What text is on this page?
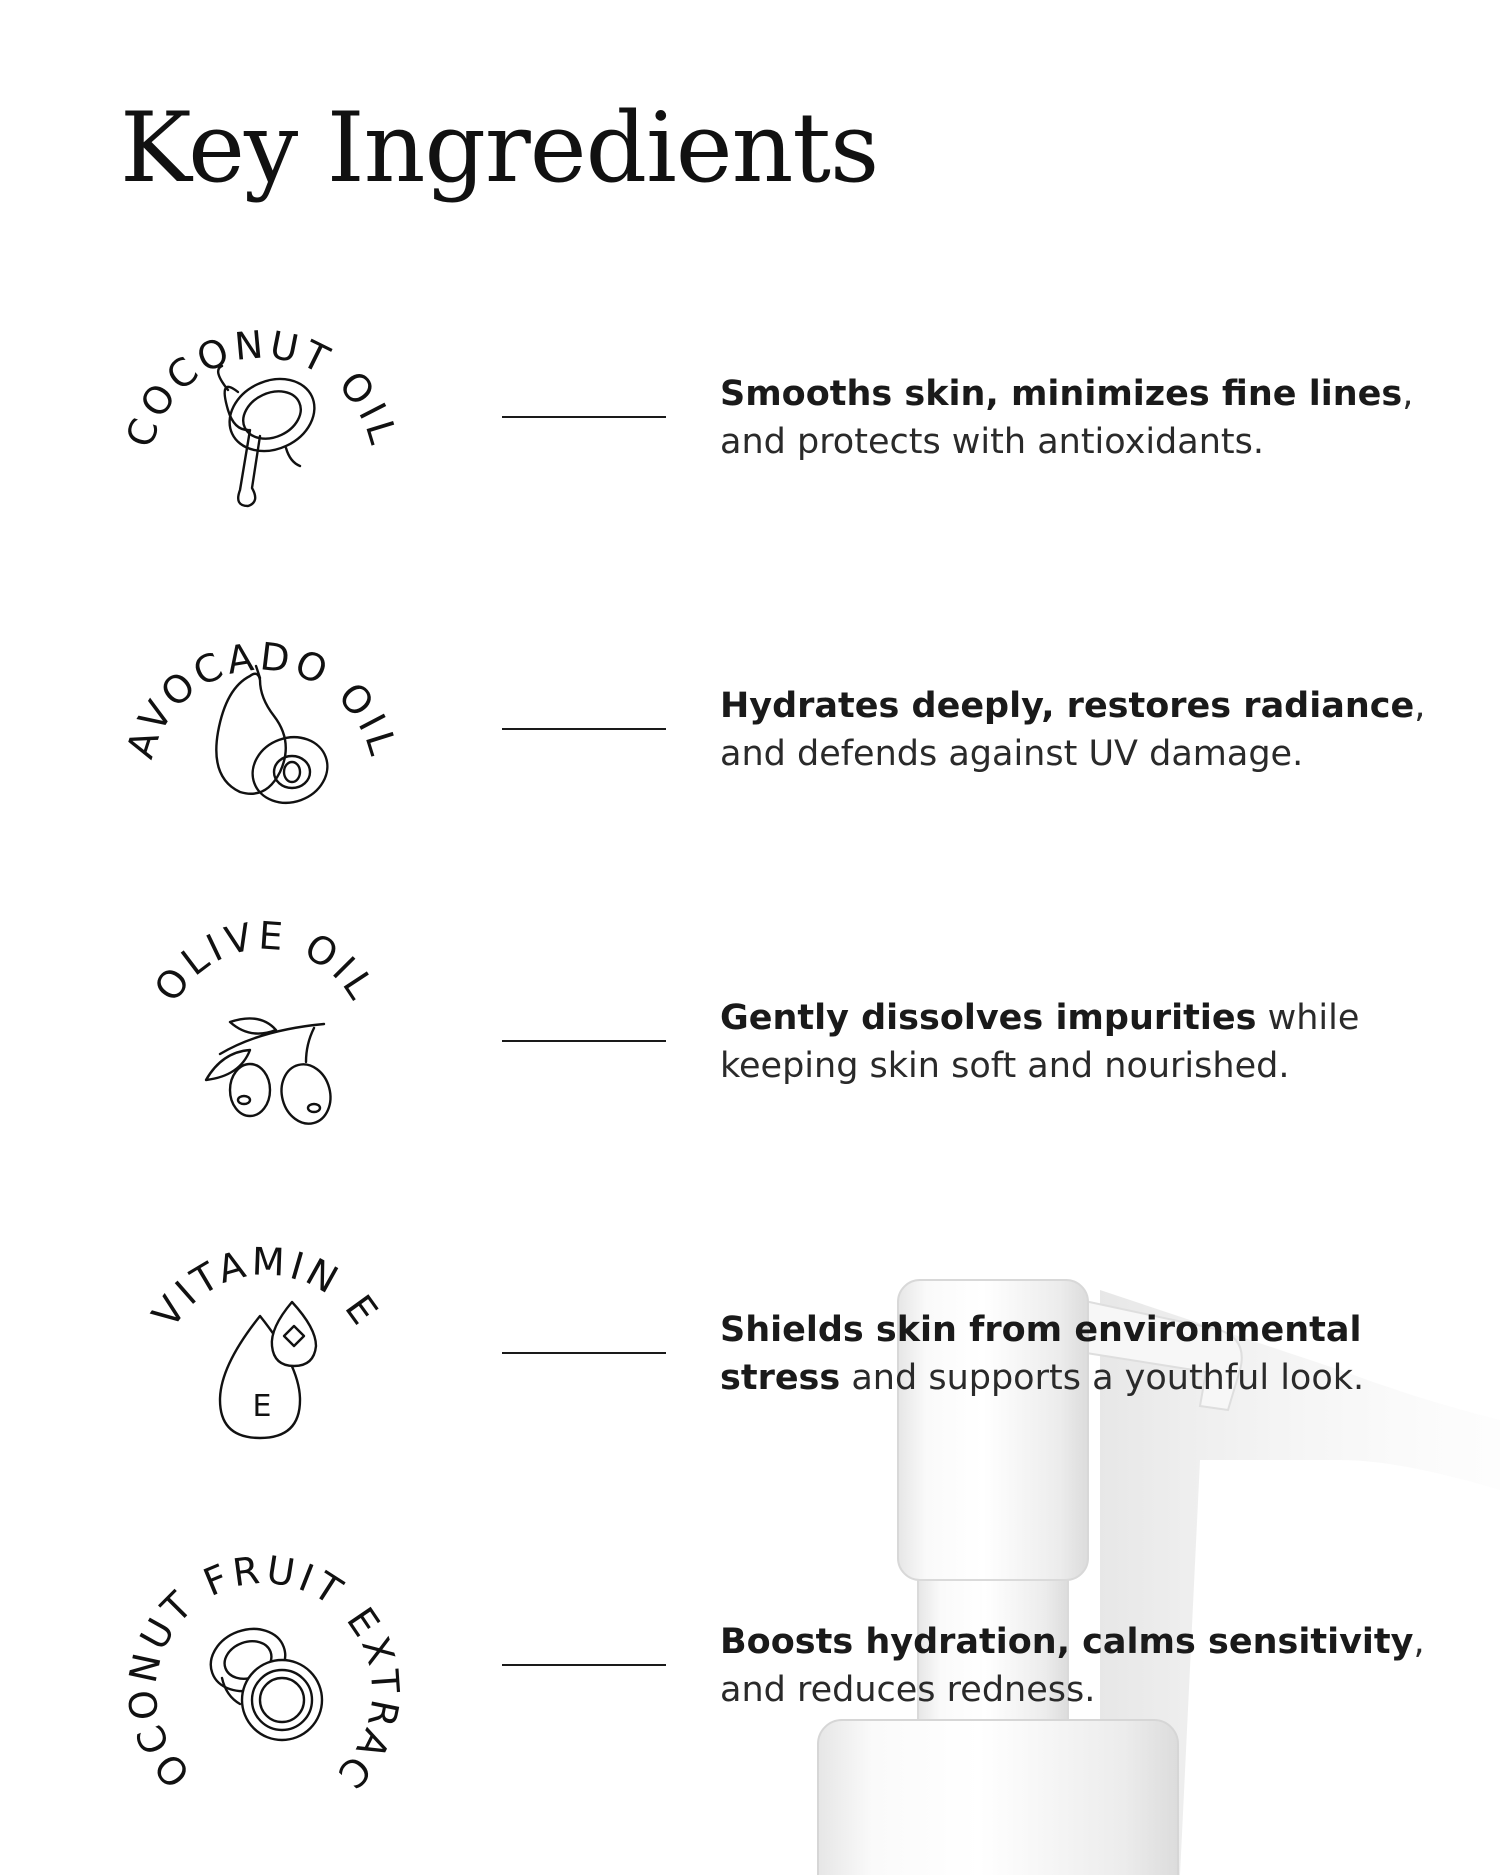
Key Ingredients
COCONUT OIL

Smooths skin, minimizes fine lines, and protects with antioxidants.

AVOCADO OIL

Hydrates deeply, restores radiance, and defends against UV damage.

OLIVE OIL

Gently dissolves impurities while keeping skin soft and nourished.

VITAMIN E
E

Shields skin from environmental stress and supports a youthful look.

COCONUT FRUIT EXTRACT

Boosts hydration, calms sensitivity, and reduces redness.
